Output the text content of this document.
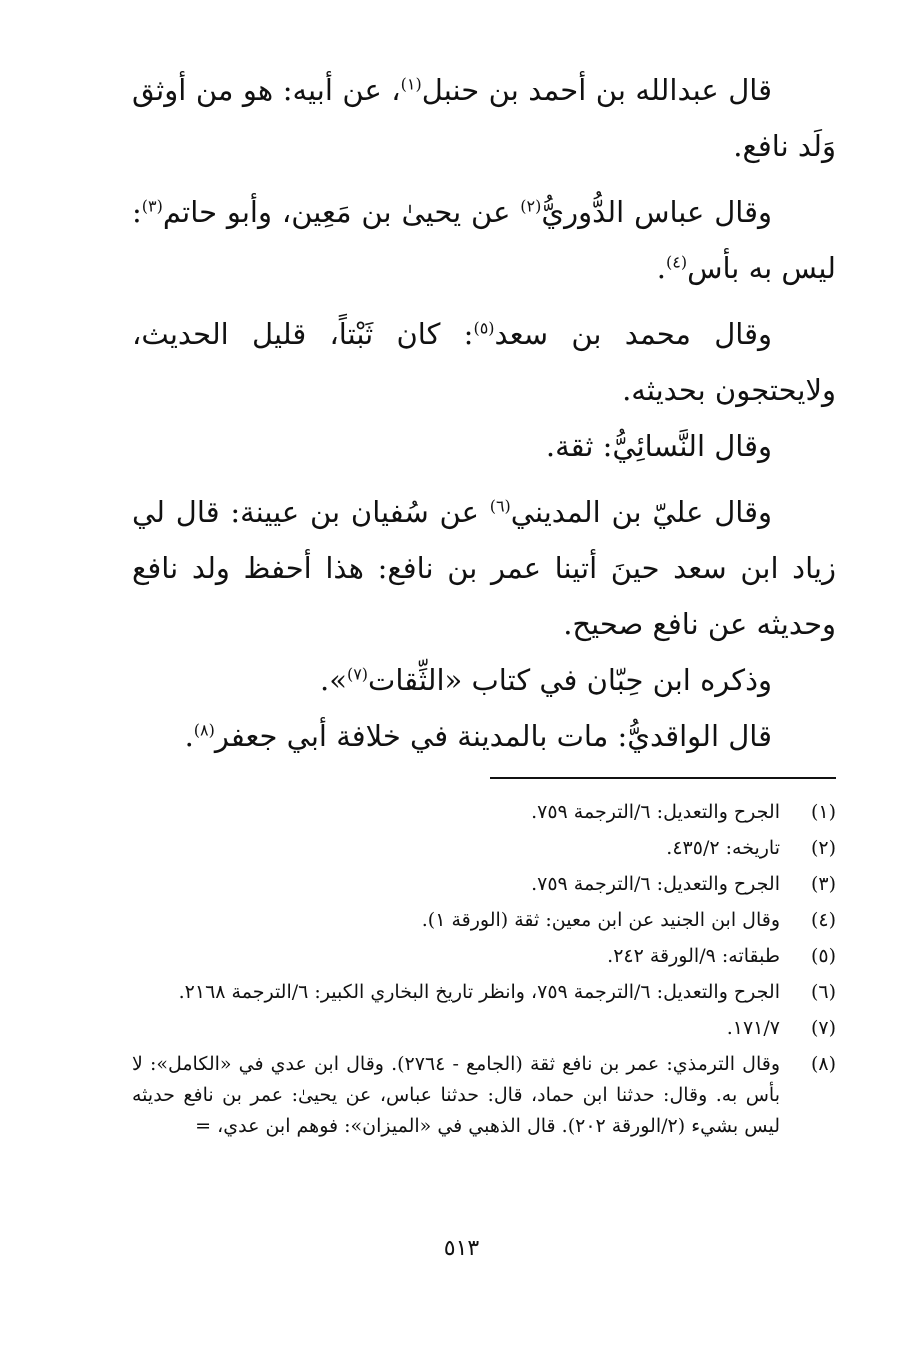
قال عبدالله بن أحمد بن حنبل$^{(١)}$، عن أبيه: هو من أوثق وَلَد نافع.

وقال عباس الدُّوريُّ$^{(٢)}$ عن يحيىٰ بن مَعِين، وأبو حاتم$^{(٣)}$: ليس به بأس$^{(٤)}$.

وقال محمد بن سعد$^{(٥)}$: كان ثَبْتاً، قليل الحديث، ولايحتجون بحديثه.

وقال النَّسائِيُّ: ثقة.

وقال عليّ بن المديني$^{(٦)}$ عن سُفيان بن عيينة: قال لي زياد ابن سعد حينَ أتينا عمر بن نافع: هذا أحفظ ولد نافع وحديثه عن نافع صحيح.

وذكره ابن حِبّان في كتاب «الثِّقات$^{(٧)}$».

قال الواقديُّ: مات بالمدينة في خلافة أبي جعفر$^{(٨)}$.

(١)
الجرح والتعديل: ٦/الترجمة ٧٥٩.
(٢)
تاريخه: ٤٣٥/٢.
(٣)
الجرح والتعديل: ٦/الترجمة ٧٥٩.
(٤)
وقال ابن الجنيد عن ابن معين: ثقة (الورقة ١).
(٥)
طبقاته: ٩/الورقة ٢٤٢.
(٦)
الجرح والتعديل: ٦/الترجمة ٧٥٩، وانظر تاريخ البخاري الكبير: ٦/الترجمة ٢١٦٨.
(٧)
١٧١/٧.
(٨)
وقال الترمذي: عمر بن نافع ثقة (الجامع - ٢٧٦٤). وقال ابن عدي في «الكامل»: لا بأس به. وقال: حدثنا ابن حماد، قال: حدثنا عباس، عن يحيىٰ: عمر بن نافع حديثه ليس بشيء (٢/الورقة ٢٠٢). قال الذهبي في «الميزان»: فوهم ابن عدي، =
٥١٣
